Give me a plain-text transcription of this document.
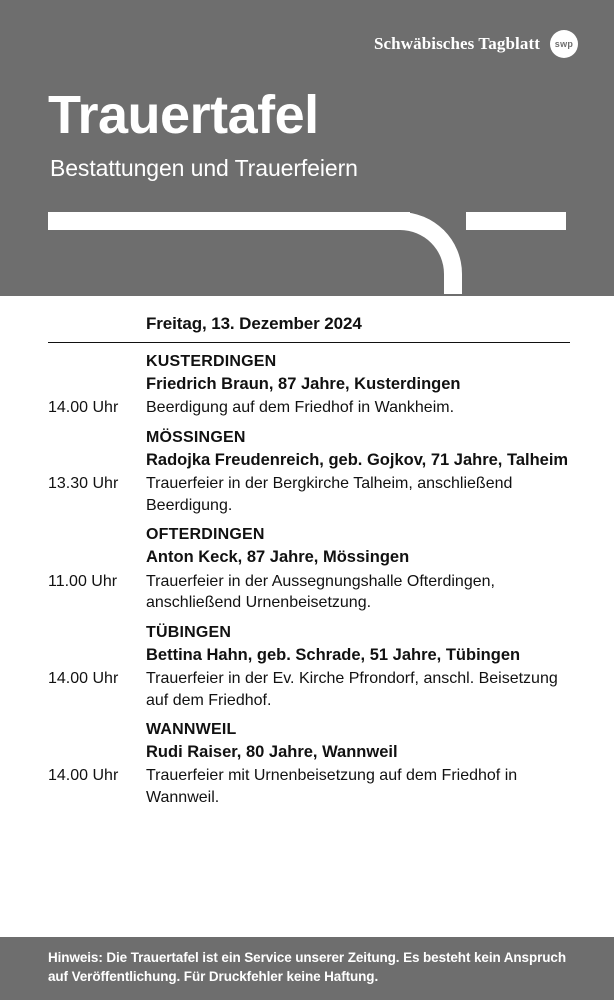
Schwäbisches Tagblatt	swp
Trauertafel
Bestattungen und Trauerfeiern
Freitag, 13. Dezember 2024
KUSTERDINGEN
Friedrich Braun, 87 Jahre, Kusterdingen
14.00 Uhr	Beerdigung auf dem Friedhof in Wankheim.
MÖSSINGEN
Radojka Freudenreich, geb. Gojkov, 71 Jahre, Talheim
13.30 Uhr	Trauerfeier in der Bergkirche Talheim, anschließend Beerdigung.
OFTERDINGEN
Anton Keck, 87 Jahre, Mössingen
11.00 Uhr	Trauerfeier in der Aussegnungshalle Ofterdingen, anschließend Urnenbeisetzung.
TÜBINGEN
Bettina Hahn, geb. Schrade, 51 Jahre, Tübingen
14.00 Uhr	Trauerfeier in der Ev. Kirche Pfrondorf, anschl. Beisetzung auf dem Friedhof.
WANNWEIL
Rudi Raiser, 80 Jahre, Wannweil
14.00 Uhr	Trauerfeier mit Urnenbeisetzung auf dem Friedhof in Wannweil.
Hinweis: Die Trauertafel ist ein Service unserer Zeitung. Es besteht kein Anspruch auf Veröffentlichung. Für Druckfehler keine Haftung.
